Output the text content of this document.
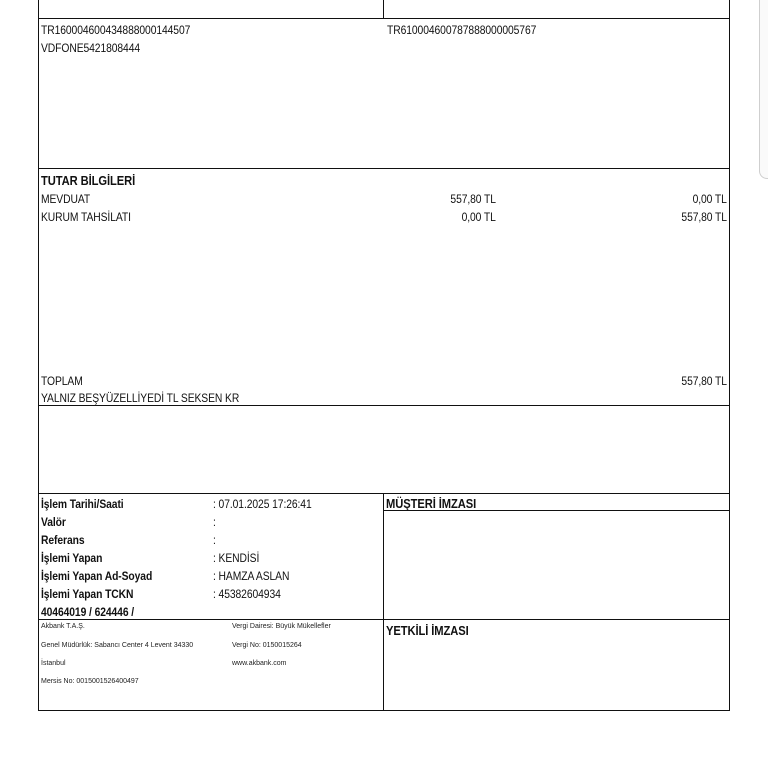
TR160004600434888000144507
VDFONE5421808444
TR610004600787888000005767
TUTAR BİLGİLERİ
MEVDUAT	557,80 TL	0,00 TL
KURUM TAHSİLATI	0,00 TL	557,80 TL
TOPLAM	557,80 TL
YALNIZ BEŞYÜZELLİYEDİ TL SEKSEN KR
İşlem Tarihi/Saati	: 07.01.2025 17:26:41
Valör	:
Referans	:
İşlemi Yapan	: KENDİSİ
İşlemi Yapan Ad-Soyad	: HAMZA ASLAN
İşlemi Yapan TCKN	: 45382604934
40464019 / 624446 /
MÜŞTERİ İMZASI
YETKİLİ İMZASI
Akbank T.A.Ş.
Genel Müdürlük: Sabancı Center 4 Levent 34330
İstanbul
Mersis No: 0015001526400497
Vergi Dairesi: Büyük Mükellefler
Vergi No: 0150015264
www.akbank.com
